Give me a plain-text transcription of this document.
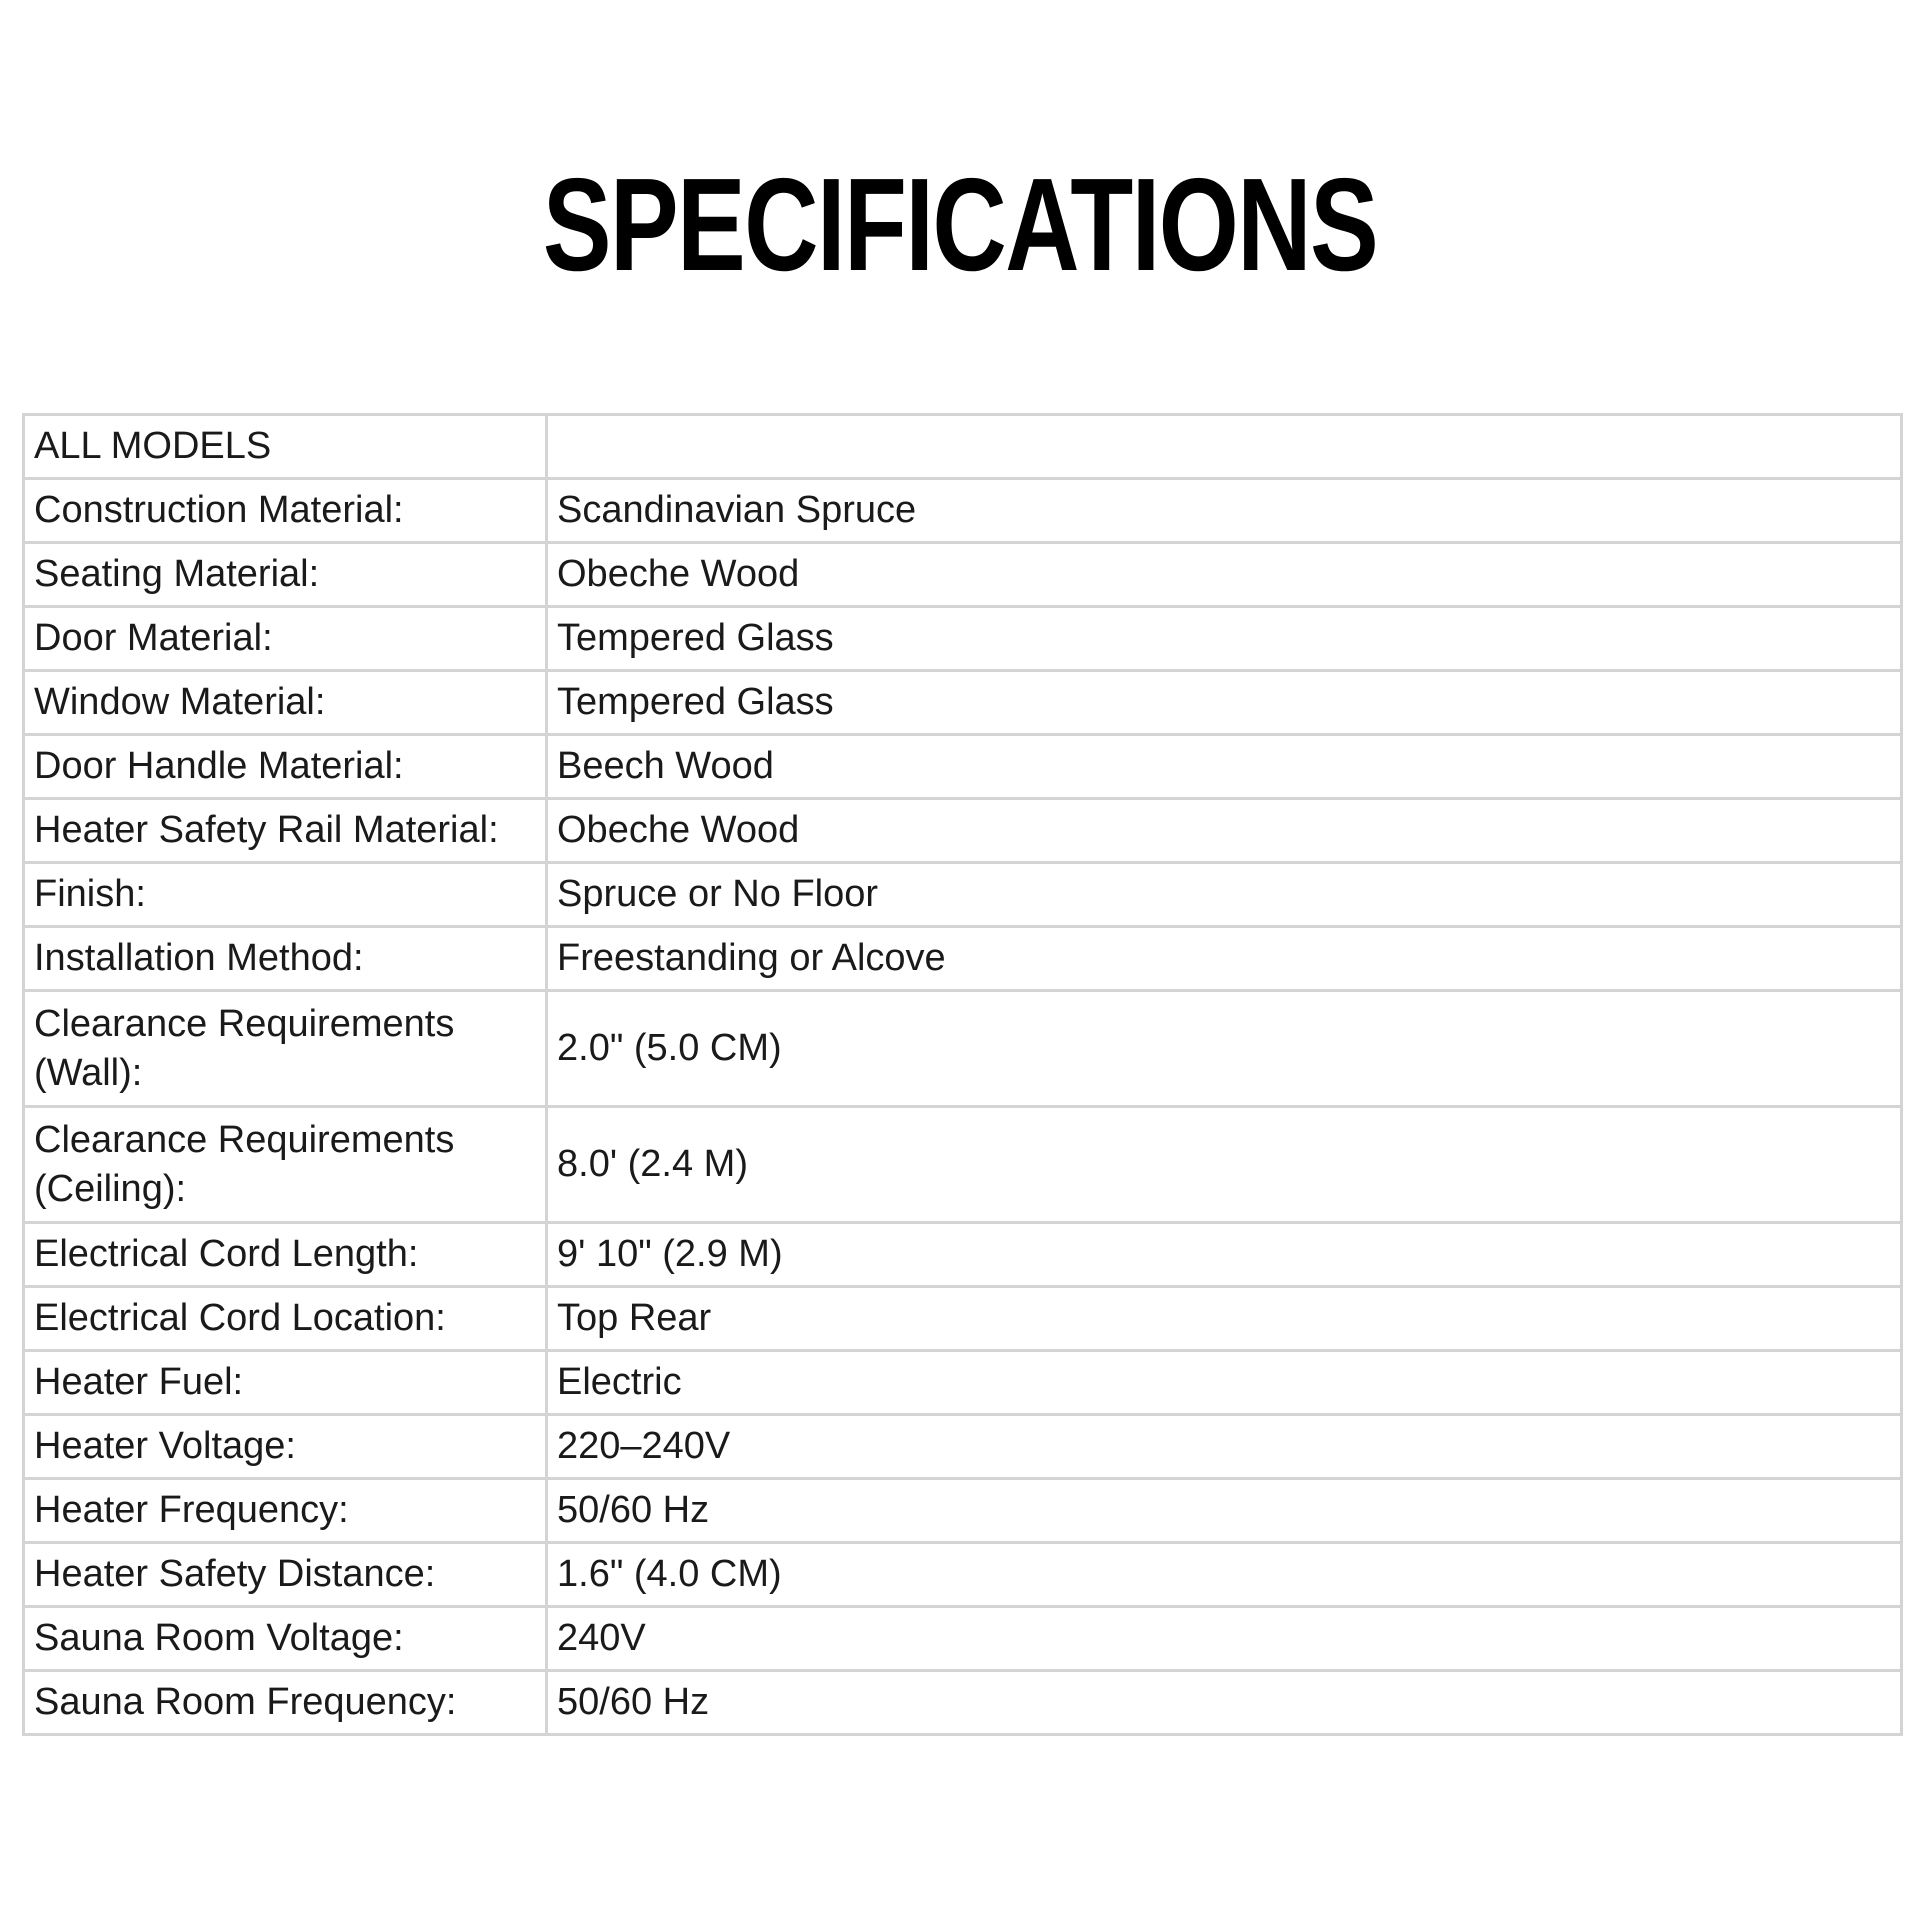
SPECIFICATIONS
ALL MODELS	
Construction Material:	Scandinavian Spruce
Seating Material:	Obeche Wood
Door Material:	Tempered Glass
Window Material:	Tempered Glass
Door Handle Material:	Beech Wood
Heater Safety Rail Material:	Obeche Wood
Finish:	Spruce or No Floor
Installation Method:	Freestanding or Alcove
Clearance Requirements (Wall):	2.0" (5.0 CM)
Clearance Requirements (Ceiling):	8.0' (2.4 M)
Electrical Cord Length:	9' 10" (2.9 M)
Electrical Cord Location:	Top Rear
Heater Fuel:	Electric
Heater Voltage:	220–240V
Heater Frequency:	50/60 Hz
Heater Safety Distance:	1.6" (4.0 CM)
Sauna Room Voltage:	240V
Sauna Room Frequency:	50/60 Hz
